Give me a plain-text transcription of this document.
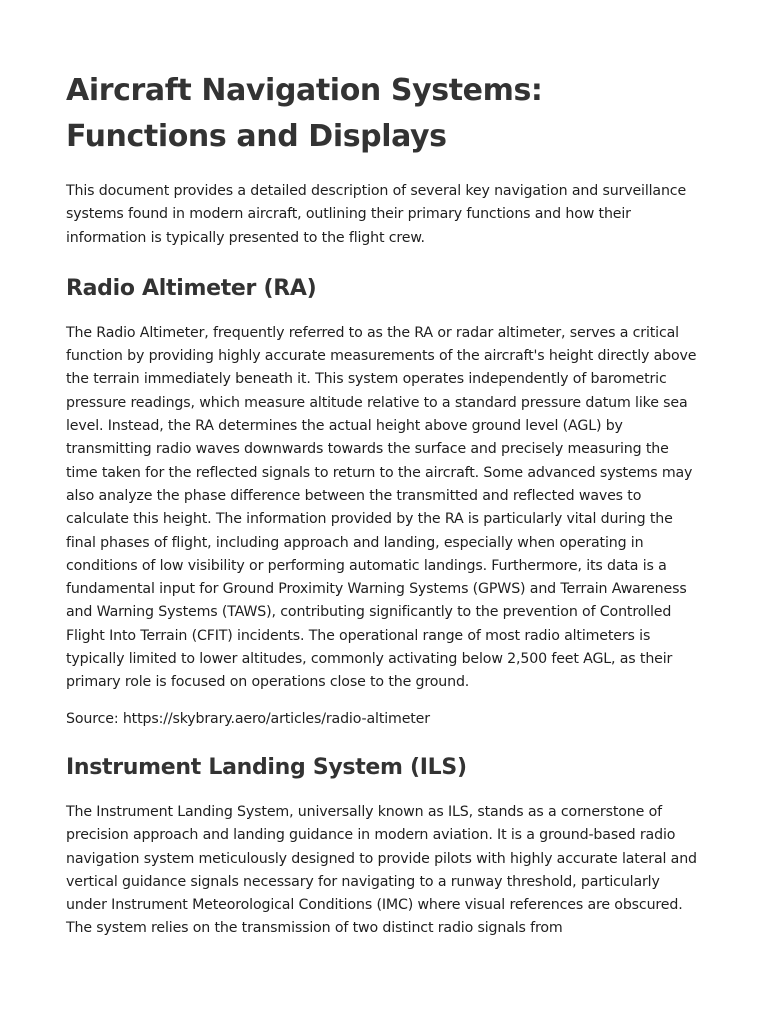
Aircraft Navigation Systems: Functions and Displays

This document provides a detailed description of several key navigation and surveillance systems found in modern aircraft, outlining their primary functions and how their information is typically presented to the flight crew.

Radio Altimeter (RA)

The Radio Altimeter, frequently referred to as the RA or radar altimeter, serves a critical function by providing highly accurate measurements of the aircraft's height directly above the terrain immediately beneath it. This system operates independently of barometric pressure readings, which measure altitude relative to a standard pressure datum like sea level. Instead, the RA determines the actual height above ground level (AGL) by transmitting radio waves downwards towards the surface and precisely measuring the time taken for the reflected signals to return to the aircraft. Some advanced systems may also analyze the phase difference between the transmitted and reflected waves to calculate this height. The information provided by the RA is particularly vital during the final phases of flight, including approach and landing, especially when operating in conditions of low visibility or performing automatic landings. Furthermore, its data is a fundamental input for Ground Proximity Warning Systems (GPWS) and Terrain Awareness and Warning Systems (TAWS), contributing significantly to the prevention of Controlled Flight Into Terrain (CFIT) incidents. The operational range of most radio altimeters is typically limited to lower altitudes, commonly activating below 2,500 feet AGL, as their primary role is focused on operations close to the ground.

Source: https://skybrary.aero/articles/radio-altimeter

Instrument Landing System (ILS)

The Instrument Landing System, universally known as ILS, stands as a cornerstone of precision approach and landing guidance in modern aviation. It is a ground-based radio navigation system meticulously designed to provide pilots with highly accurate lateral and vertical guidance signals necessary for navigating to a runway threshold, particularly under Instrument Meteorological Conditions (IMC) where visual references are obscured. The system relies on the transmission of two distinct radio signals from
